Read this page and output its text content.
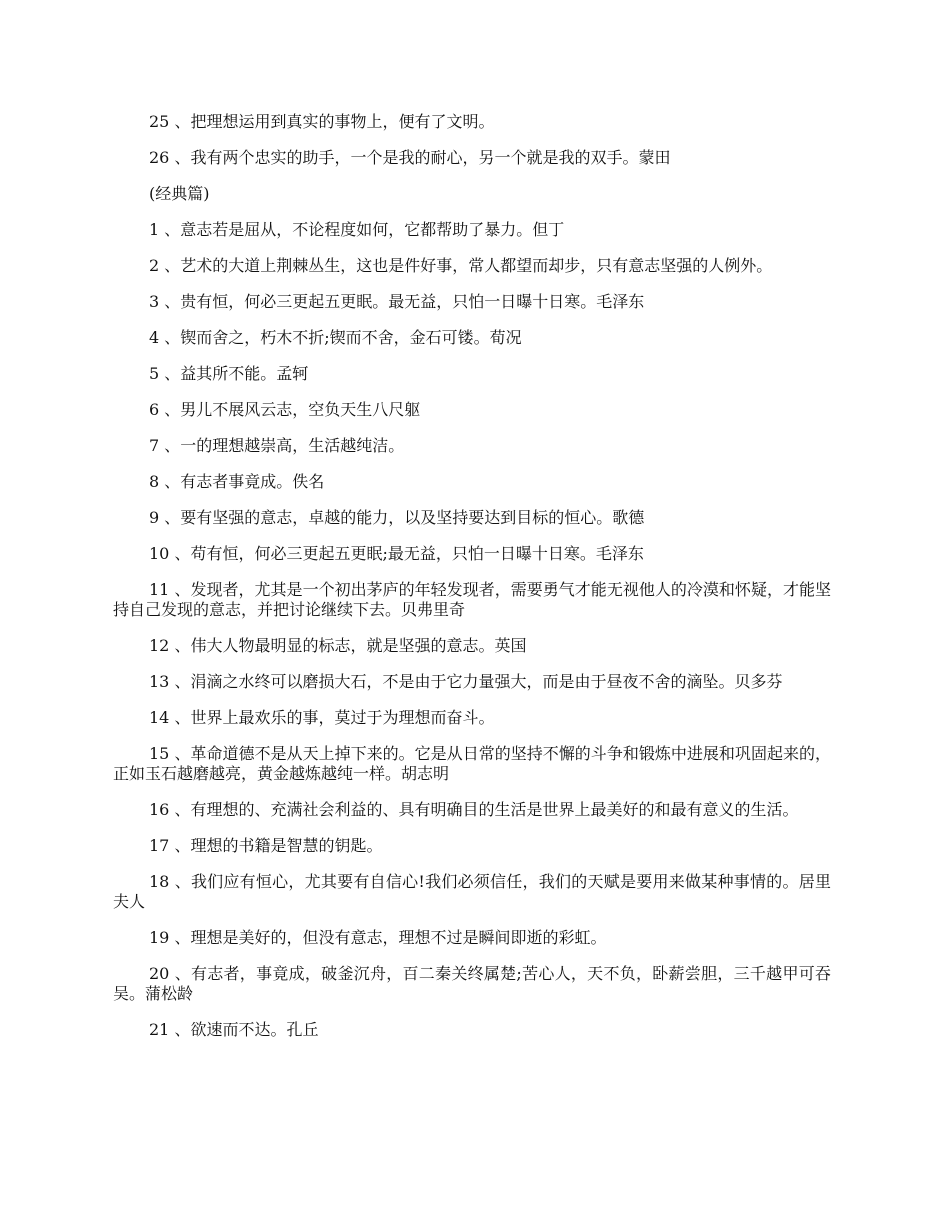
25 、把理想运用到真实的事物上，便有了文明。

26 、我有两个忠实的助手，一个是我的耐心，另一个就是我的双手。蒙田

(经典篇)

1 、意志若是屈从，不论程度如何，它都帮助了暴力。但丁

2 、艺术的大道上荆棘丛生，这也是件好事，常人都望而却步，只有意志坚强的人例外。

3 、贵有恒，何必三更起五更眠。最无益，只怕一日曝十日寒。毛泽东

4 、锲而舍之，朽木不折;锲而不舍，金石可镂。荀况

5 、益其所不能。孟轲

6 、男儿不展风云志，空负天生八尺躯

7 、一的理想越崇高，生活越纯洁。

8 、有志者事竟成。佚名

9 、要有坚强的意志，卓越的能力，以及坚持要达到目标的恒心。歌德

10 、苟有恒，何必三更起五更眠;最无益，只怕一日曝十日寒。毛泽东

11 、发现者，尤其是一个初出茅庐的年轻发现者，需要勇气才能无视他人的冷漠和怀疑，才能坚持自己发现的意志，并把讨论继续下去。贝弗里奇

12 、伟大人物最明显的标志，就是坚强的意志。英国

13 、涓滴之水终可以磨损大石，不是由于它力量强大，而是由于昼夜不舍的滴坠。贝多芬

14 、世界上最欢乐的事，莫过于为理想而奋斗。

15 、革命道德不是从天上掉下来的。它是从日常的坚持不懈的斗争和锻炼中进展和巩固起来的，正如玉石越磨越亮，黄金越炼越纯一样。胡志明

16 、有理想的、充满社会利益的、具有明确目的生活是世界上最美好的和最有意义的生活。

17 、理想的书籍是智慧的钥匙。

18 、我们应有恒心，尤其要有自信心!我们必须信任，我们的天赋是要用来做某种事情的。居里夫人

19 、理想是美好的，但没有意志，理想不过是瞬间即逝的彩虹。

20 、有志者，事竟成，破釜沉舟，百二秦关终属楚;苦心人，天不负，卧薪尝胆，三千越甲可吞吴。蒲松龄

21 、欲速而不达。孔丘
